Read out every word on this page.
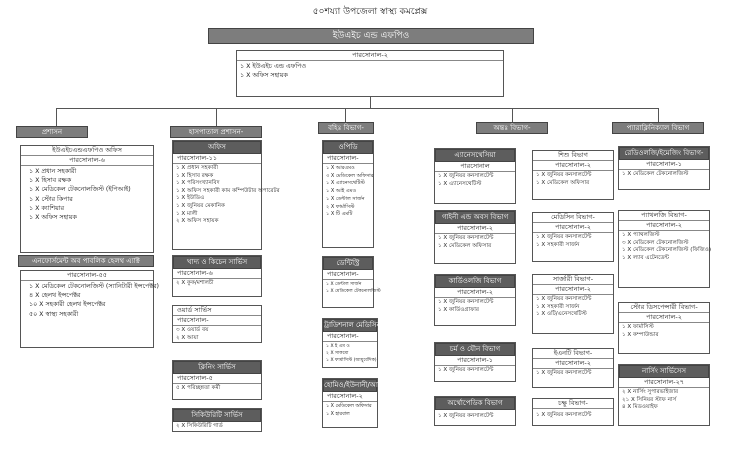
৫০শয্যা উপজেলা স্বাস্থ্য কমপ্লেক্স
ইউএইচ এন্ড এফপিও
পারসোনাল-২
১ X ইউএইচ এন্ড এফপিও
১ X অফিস সহায়ক
প্রশাসন	হাসপাতাল প্রশাসন-	বহিঃ বিভাগ-	অন্তঃ বিভাগ-	প্যারাক্লিনিক্যাল বিভাগ
ইউএইচএন্ডএফপিও অফিস
পারসোনাল-৬
১ X প্রধান সহকারী
১ X হিসাব রক্ষক
১ X মেডিকেল টেকনোলজিস্ট (ইপিআই)
১ X স্টোর কিপার
১ X ক্যাশিয়ার
১ X অফিস সহায়ক
এনফোর্সমেন্ট অব পাবলিক হেলথ এ্যাক্ট
পারসোনাল-৫৫
১ X মেডিকেল টেকনোলজিস্ট (স্যানিটারী ইন্সপেক্টর)
৪ X হেলথ ইন্সপেক্টর
১০ X সহকারী হেলথ ইন্সপেক্টর
৫০ X স্বাস্থ্য সহকারী
অফিস
পারসোনাল-১১
১ X প্রধান সহকারী
১ X হিসাব রক্ষক
১ X পরিসংখ্যানবিদ
১ X অফিস সহকারী কাম কম্পিউটার অপারেটর
১ X ইউডিএ
১ X জুনিয়র মেকানিক
১ X মালী
২ X অফিস সহায়ক
খাদ্য ও কিচেন সার্ভিস
পারসোনাল-৬
২ X কুক/মশালচী
ওয়ার্ড সার্ভিস
পারসোনাল-
৩ X ওয়ার্ড বয়
২ X আয়া
ক্লিনিং সার্ভিস
পারসোনাল-৫
৫ X পরিচ্ছন্নতা কর্মী
সিকিউরিটি সার্ভিস
২ X সিকিউরিটি গার্ড
ওপিডি
পারসোনাল-
১ X আরএমও
৩ X মেডিকেল অফিসার
১ X এ্যানেসথেটিস্ট
১ X আই এমও
১ X ডেন্টাল সার্জন
২ X ফার্মাসিস্ট
১ X টি এমটি
ডেন্টিস্ট্রি
পারসোনাল-
১ X ডেন্টাল সার্জন
১ X মেডিকেল টেকনোলজিস্ট
ট্রাডিশনাল মেডিসিন
পারসোনাল-
১ X ই এম ও
২ X সাকমো
১ X ফার্মাসিস্ট (আয়ুর্বেদিক)
হোমিও/ইউনানী/আয়ুর্বেদী
পারসোনাল-২
১ X মেডিকেল অফিসার
১ X হারবাল
এ্যানেসথেসিয়া
পারসোনাল
১ X জুনিয়র কনসালটেন্ট
১ X এ্যানেসথেটিস্ট
গাইনী এন্ড অবস বিভাগ
পারসোনাল-২
১ X জুনিয়র কনসালটেন্ট
১ X মেডিকেল অফিসার
কার্ডিওলজি বিভাগ
পারসোনাল-২
১ X জুনিয়র কনসালটেন্ট
১ X কার্ডিওগ্রাফার
চর্ম ও যৌন বিভাগ
পারসোনাল-১
১ X জুনিয়র কনসালটেন্ট
অর্থোপেডিক বিভাগ
১ X জুনিয়র কনসালটেন্ট
শিশু বিভাগ
পারসোনাল-২
১ X জুনিয়র কনসালটেন্ট
১ X মেডিকেল অফিসার
মেডিসিন বিভাগ-
পারসোনাল-২
১ X জুনিয়র কনসালটেন্ট
১ X সহকারী সার্জন
সার্জারী বিভাগ-
পারসোনাল-২
১ X জুনিয়র কনসালটেন্ট
১ X সহকারী সার্জন
১ X ওটি/এনেসথেটিস্ট
ইএনটি বিভাগ-
পারসোনাল-২
১ X জুনিয়র কনসালটেন্ট
চক্ষু বিভাগ-
১ X জুনিয়র কনসালটেন্ট
রেডিওলজি/ইমেজিং বিভাগ-
পারসোনাল-১
১ X মেডিকেল টেকনোলজিস্ট
প্যাথলজি বিভাগ-
পারসোনাল-২
১ X প্যাথলজিস্ট
৩ X মেডিকেল টেকনোলজিস্ট
১ X মেডিকেল টেকনোলজিস্ট (ফিজিও)
১ X ল্যাব এটেনডেন্ট
স্টোর ডিসপেন্সারী বিভাগ-
পারসোনাল-২
১ X ফার্মাসিস্ট
১ X কম্পাউন্ডার
নার্সিং সার্ভিসেস
পারসোনাল-২৭
২ X নার্সিং সুপারভাইজার
২১ X সিনিয়র স্টাফ নার্স
৪ X মিডওয়াইফ
